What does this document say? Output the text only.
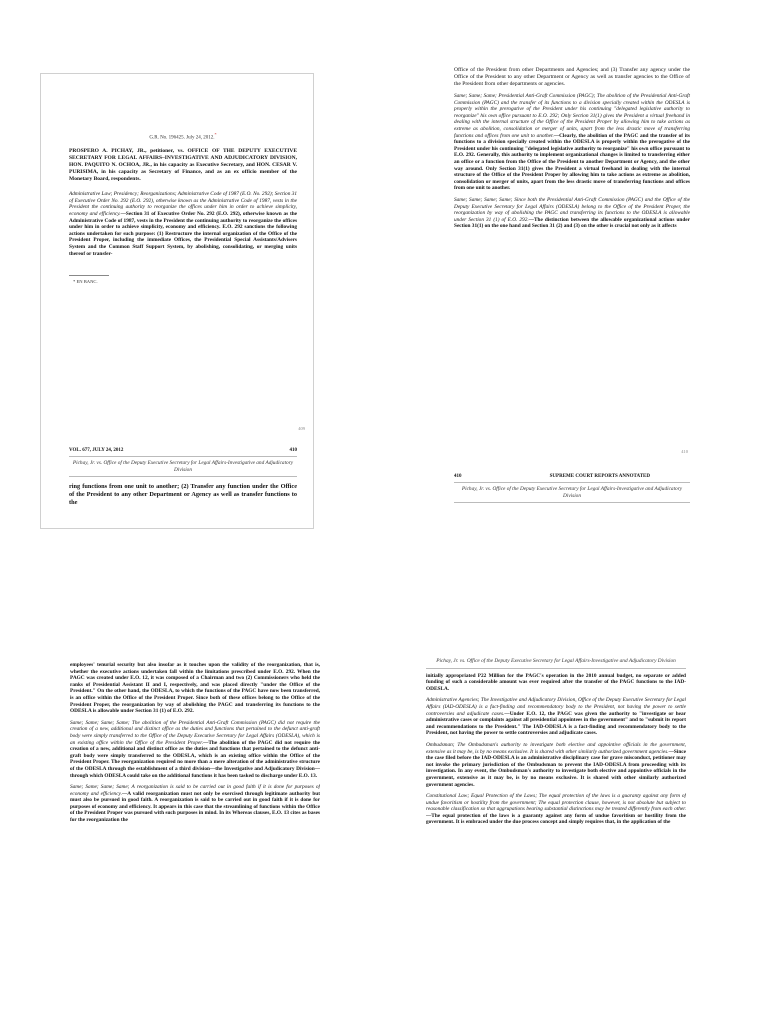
G.R. No. 196425. July 24, 2012.*

PROSPERO A. PICHAY, JR., petitioner, vs. OFFICE OF THE DEPUTY EXECUTIVE SECRETARY FOR LEGAL AFFAIRS–INVESTIGATIVE AND ADJUDICATORY DIVISION, HON. PAQUITO N. OCHOA, JR., in his capacity as Executive Secretary, and HON. CESAR V. PURISIMA, in his capacity as Secretary of Finance, and as an ex officio member of the Monetary Board, respondents.

Administrative Law; Presidency; Reorganizations; Administrative Code of 1987 (E.O. No. 292); Section 31 of Executive Order No. 292 (E.O. 292), otherwise known as the Administrative Code of 1987, vests in the President the continuing authority to reorganize the offices under him in order to achieve simplicity, economy and efficiency.—Section 31 of Executive Order No. 292 (E.O. 292), otherwise known as the Administrative Code of 1987, vests in the President the continuing authority to reorganize the offices under him in order to achieve simplicity, economy and efficiency. E.O. 292 sanctions the following actions undertaken for such purpose: (1) Restructure the internal organization of the Office of the President Proper, including the immediate Offices, the Presidential Special Assistants/Advisers System and the Common Staff Support System, by abolishing, consolidating, or merging units thereof or transfer-

* EN BANC.

409
VOL. 677, JULY 24, 2012	410
Pichay, Jr. vs. Office of the Deputy Executive Secretary for Legal Affairs-Investigative and Adjudicatory Division

ring functions from one unit to another; (2) Transfer any function under the Office of the President to any other Department or Agency as well as transfer functions to the

Office of the President from other Departments and Agencies; and (3) Transfer any agency under the Office of the President to any other Department or Agency as well as transfer agencies to the Office of the President from other departments or agencies.

Same; Same; Same; Presidential Anti-Graft Commission (PAGC); The abolition of the Presidential Anti-Graft Commission (PAGC) and the transfer of its functions to a division specially created within the ODESLA is properly within the prerogative of the President under his continuing "delegated legislative authority to reorganize" his own office pursuant to E.O. 292; Only Section 31(1) gives the President a virtual freehand in dealing with the internal structure of the Office of the President Proper by allowing him to take actions as extreme as abolition, consolidation or merger of units, apart from the less drastic move of transferring functions and offices from one unit to another.—Clearly, the abolition of the PAGC and the transfer of its functions to a division specially created within the ODESLA is properly within the prerogative of the President under his continuing "delegated legislative authority to reorganize" his own office pursuant to E.O. 292. Generally, this authority to implement organizational changes is limited to transferring either an office or a function from the Office of the President to another Department or Agency, and the other way around. Only Section 31(1) gives the President a virtual freehand in dealing with the internal structure of the Office of the President Proper by allowing him to take actions as extreme as abolition, consolidation or merger of units, apart from the less drastic move of transferring functions and offices from one unit to another.

Same; Same; Same; Same; Since both the Presidential Anti-Graft Commission (PAGC) and the Office of the Deputy Executive Secretary for Legal Affairs (ODESLA) belong to the Office of the President Proper, the reorganization by way of abolishing the PAGC and transferring its functions to the ODESLA is allowable under Section 31 (1) of E.O. 292.—The distinction between the allowable organizational actions under Section 31(1) on the one hand and Section 31 (2) and (3) on the other is crucial not only as it affects

410
410	SUPREME COURT REPORTS ANNOTATED
Pichay, Jr. vs. Office of the Deputy Executive Secretary for Legal Affairs-Investigative and Adjudicatory Division

employees' tenurial security but also insofar as it touches upon the validity of the reorganization, that is, whether the executive actions undertaken fall within the limitations prescribed under E.O. 292. When the PAGC was created under E.O. 12, it was composed of a Chairman and two (2) Commissioners who held the ranks of Presidential Assistant II and I, respectively, and was placed directly "under the Office of the President." On the other hand, the ODESLA, to which the functions of the PAGC have now been transferred, is an office within the Office of the President Proper. Since both of these offices belong to the Office of the President Proper, the reorganization by way of abolishing the PAGC and transferring its functions to the ODESLA is allowable under Section 31 (1) of E.O. 292.

Same; Same; Same; Same; The abolition of the Presidential Anti-Graft Commission (PAGC) did not require the creation of a new, additional and distinct office as the duties and functions that pertained to the defunct anti-graft body were simply transferred to the Office of the Deputy Executive Secretary for Legal Affairs (ODESLA), which is an existing office within the Office of the President Proper.—The abolition of the PAGC did not require the creation of a new, additional and distinct office as the duties and functions that pertained to the defunct anti-graft body were simply transferred to the ODESLA, which is an existing office within the Office of the President Proper. The reorganization required no more than a mere alteration of the administrative structure of the ODESLA through the establishment of a third division—the Investigative and Adjudicatory Division—through which ODESLA could take on the additional functions it has been tasked to discharge under E.O. 13.

Same; Same; Same; Same; A reorganization is said to be carried out in good faith if it is done for purposes of economy and efficiency.—A valid reorganization must not only be exercised through legitimate authority but must also be pursued in good faith. A reorganization is said to be carried out in good faith if it is done for purposes of economy and efficiency. It appears in this case that the streamlining of functions within the Office of the President Proper was pursued with such purposes in mind. In its Whereas clauses, E.O. 13 cites as bases for the reorganization the

Pichay, Jr. vs. Office of the Deputy Executive Secretary for Legal Affairs-Investigative and Adjudicatory Division

initially appropriated P22 Million for the PAGC's operation in the 2010 annual budget, no separate or added funding of such a considerable amount was ever required after the transfer of the PAGC functions to the IAD-ODESLA.

Administrative Agencies; The Investigative and Adjudicatory Division, Office of the Deputy Executive Secretary for Legal Affairs (IAD-ODESLA) is a fact-finding and recommendatory body to the President, not having the power to settle controversies and adjudicate cases.—Under E.O. 12, the PAGC was given the authority to "investigate or hear administrative cases or complaints against all presidential appointees in the government" and to "submit its report and recommendations to the President." The IAD-ODESLA is a fact-finding and recommendatory body to the President, not having the power to settle controversies and adjudicate cases.

Ombudsman; The Ombudsman's authority to investigate both elective and appointive officials in the government, extensive as it may be, is by no means exclusive. It is shared with other similarly authorized government agencies.—Since the case filed before the IAD-ODESLA is an administrative disciplinary case for grave misconduct, petitioner may not invoke the primary jurisdiction of the Ombudsman to prevent the IAD-ODESLA from proceeding with its investigation. In any event, the Ombudsman's authority to investigate both elective and appointive officials in the government, extensive as it may be, is by no means exclusive. It is shared with other similarly authorized government agencies.

Constitutional Law; Equal Protection of the Laws; The equal protection of the laws is a guaranty against any form of undue favoritism or hostility from the government; The equal protection clause, however, is not absolute but subject to reasonable classification so that aggrupations bearing substantial distinctions may be treated differently from each other.—The equal protection of the laws is a guaranty against any form of undue favoritism or hostility from the government. It is embraced under the due process concept and simply requires that, in the application of the
